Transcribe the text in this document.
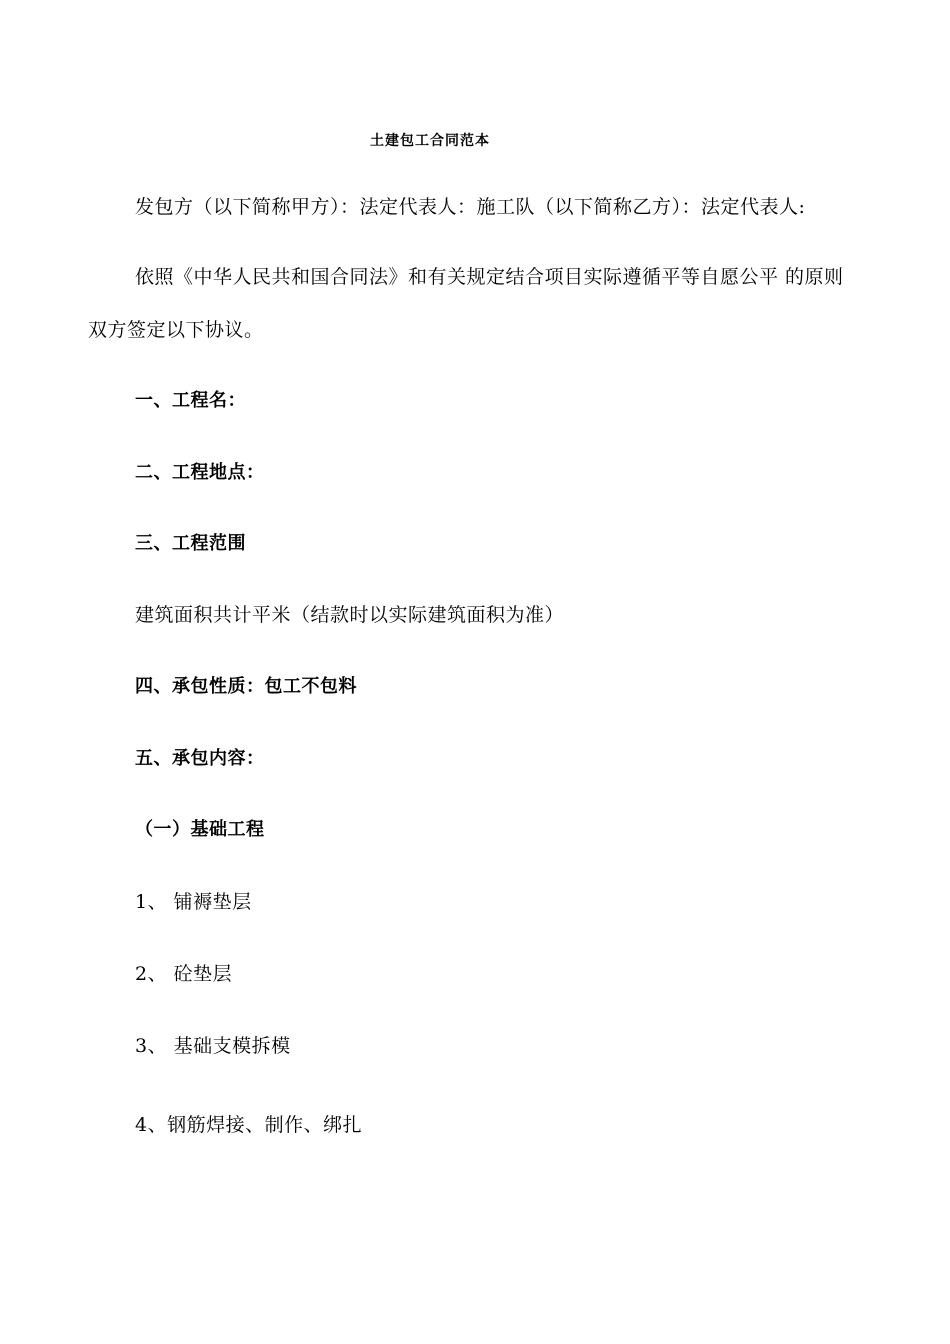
土建包工合同范本
发包方（以下简称甲方）：法定代表人：施工队（以下简称乙方）：法定代表人:
依照《中华人民共和国合同法》和有关规定结合项目实际遵循平等自愿公平 的原则
双方签定以下协议。
一、工程名：
二、工程地点：
三、工程范围
建筑面积共计平米（结款时以实际建筑面积为准）
四、承包性质：包工不包料
五、承包内容：
（一）基础工程
1、 铺褥垫层
2、 砼垫层
3、 基础支模拆模
4、钢筋焊接、制作、绑扎
